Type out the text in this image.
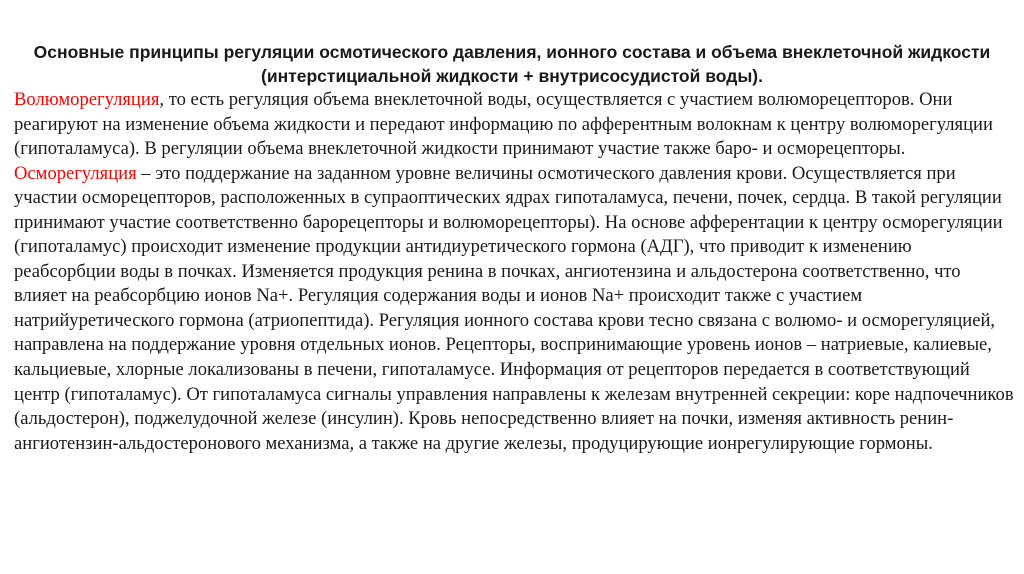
Основные принципы регуляции осмотического давления, ионного состава и объема внеклеточной жидкости (интерстициальной жидкости + внутрисосудистой воды).

Волюморегуляция, то есть регуляция объема внеклеточной воды, осуществляется с участием волюморецепторов. Они реагируют на изменение объема жидкости и передают информацию по афферентным волокнам к центру волюморегуляции (гипоталамуса). В регуляции объема внеклеточной жидкости принимают участие также баро- и осморецепторы.

Осморегуляция – это поддержание на заданном уровне величины осмотического давления крови. Осуществляется при участии осморецепторов, расположенных в супраоптических ядрах гипоталамуса, печени, почек, сердца. В такой регуляции принимают участие соответственно барорецепторы и волюморецепторы). На основе афферентации к центру осморегуляции (гипоталамус) происходит изменение продукции антидиуретического гормона (АДГ), что приводит к изменению реабсорбции воды в почках. Изменяется продукция ренина в почках, ангиотензина и альдостерона соответственно, что влияет на реабсорбцию ионов Na+. Регуляция содержания воды и ионов Na+ происходит также с участием натрийуретического гормона (атриопептида). Регуляция ионного состава крови тесно связана с волюмо- и осморегуляцией, направлена на поддержание уровня отдельных ионов. Рецепторы, воспринимающие уровень ионов – натриевые, калиевые, кальциевые, хлорные локализованы в печени, гипоталамусе. Информация от рецепторов передается в соответствующий центр (гипоталамус). От гипоталамуса сигналы управления направлены к железам внутренней секреции: коре надпочечников (альдостерон), поджелудочной железе (инсулин). Кровь непосредственно влияет на почки, изменяя активность ренин-ангиотензин-альдостеронового механизма, а также на другие железы, продуцирующие ионрегулирующие гормоны.
